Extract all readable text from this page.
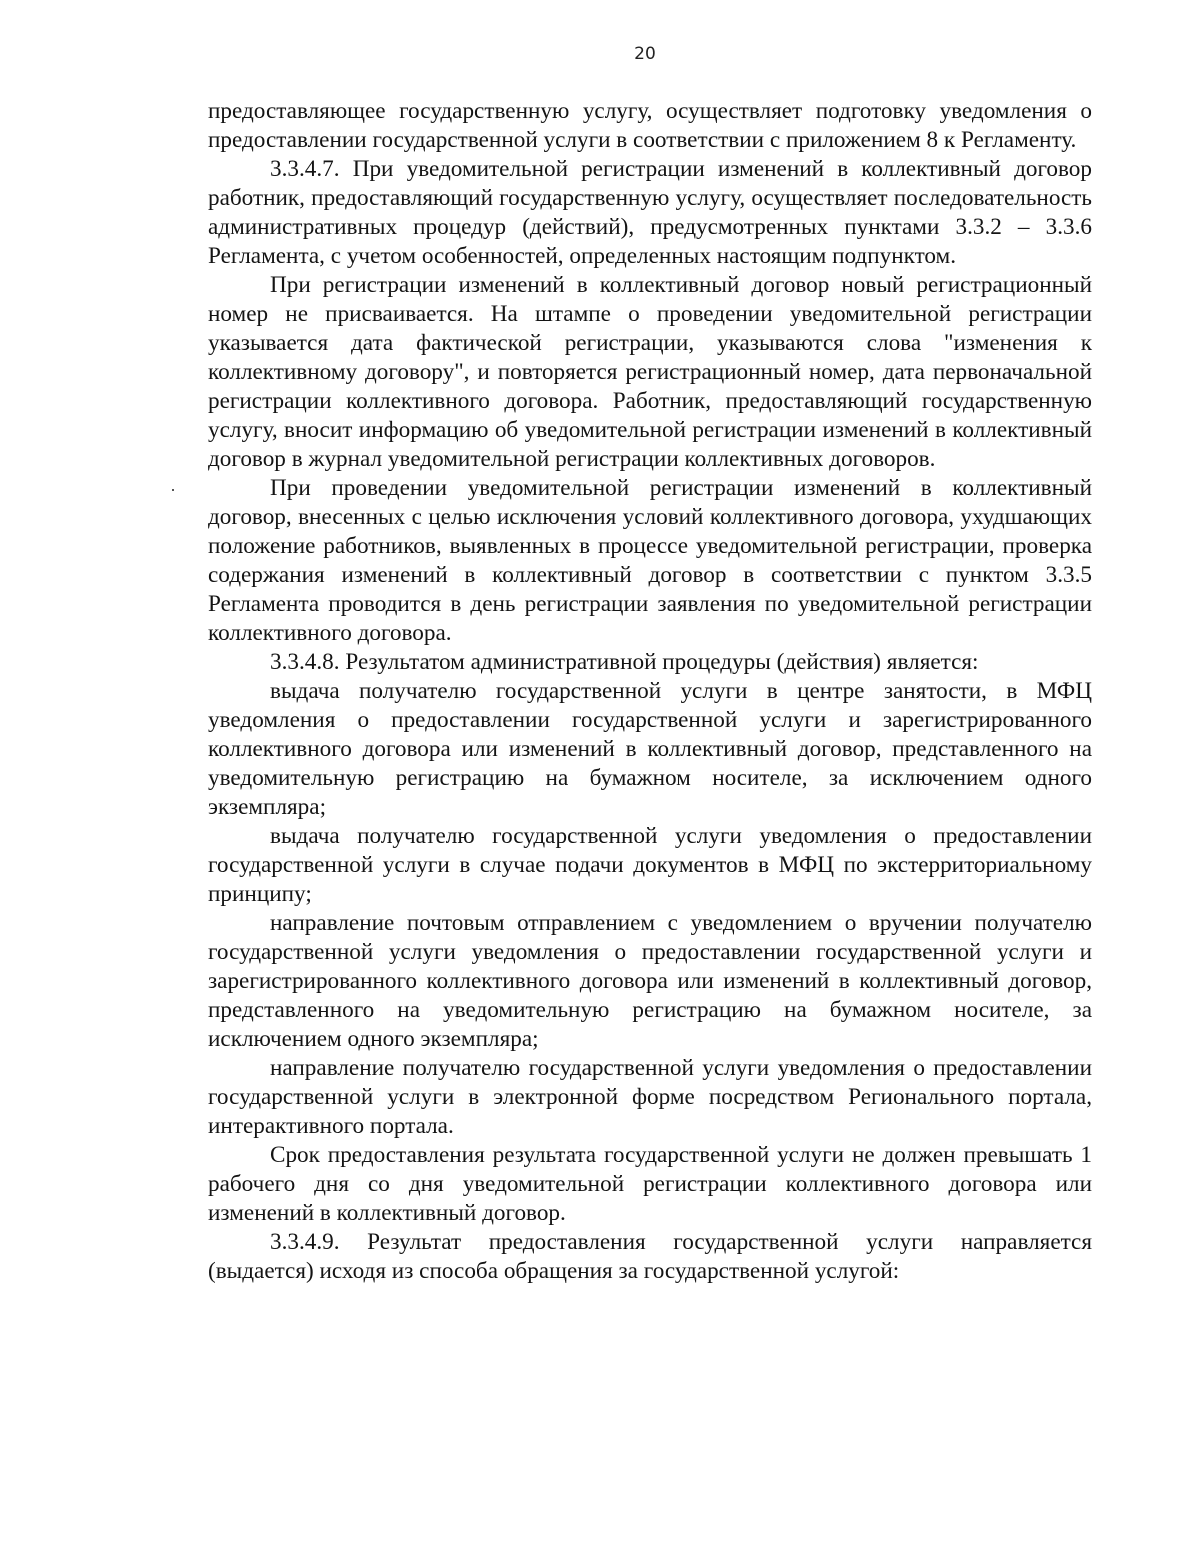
20

предоставляющее государственную услугу, осуществляет подготовку уведомления о предоставлении государственной услуги в соответствии с приложением 8 к Регламенту.

3.3.4.7. При уведомительной регистрации изменений в коллективный договор работник, предоставляющий государственную услугу, осуществляет последовательность административных процедур (действий), предусмотренных пунктами 3.3.2 – 3.3.6 Регламента, с учетом особенностей, определенных настоящим подпунктом.

При регистрации изменений в коллективный договор новый регистрационный номер не присваивается. На штампе о проведении уведомительной регистрации указывается дата фактической регистрации, указываются слова "изменения к коллективному договору", и повторяется регистрационный номер, дата первоначальной регистрации коллективного договора. Работник, предоставляющий государственную услугу, вносит информацию об уведомительной регистрации изменений в коллективный договор в журнал уведомительной регистрации коллективных договоров.

При проведении уведомительной регистрации изменений в коллективный договор, внесенных с целью исключения условий коллективного договора, ухудшающих положение работников, выявленных в процессе уведомительной регистрации, проверка содержания изменений в коллективный договор в соответствии с пунктом 3.3.5 Регламента проводится в день регистрации заявления по уведомительной регистрации коллективного договора.

3.3.4.8. Результатом административной процедуры (действия) является:

выдача получателю государственной услуги в центре занятости, в МФЦ уведомления о предоставлении государственной услуги и зарегистрированного коллективного договора или изменений в коллективный договор, представленного на уведомительную регистрацию на бумажном носителе, за исключением одного экземпляра;

выдача получателю государственной услуги уведомления о предоставлении государственной услуги в случае подачи документов в МФЦ по экстерриториальному принципу;

направление почтовым отправлением с уведомлением о вручении получателю государственной услуги уведомления о предоставлении государственной услуги и зарегистрированного коллективного договора или изменений в коллективный договор, представленного на уведомительную регистрацию на бумажном носителе, за исключением одного экземпляра;

направление получателю государственной услуги уведомления о предоставлении государственной услуги в электронной форме посредством Регионального портала, интерактивного портала.

Срок предоставления результата государственной услуги не должен превышать 1 рабочего дня со дня уведомительной регистрации коллективного договора или изменений в коллективный договор.

3.3.4.9. Результат предоставления государственной услуги направляется (выдается) исходя из способа обращения за государственной услугой:
